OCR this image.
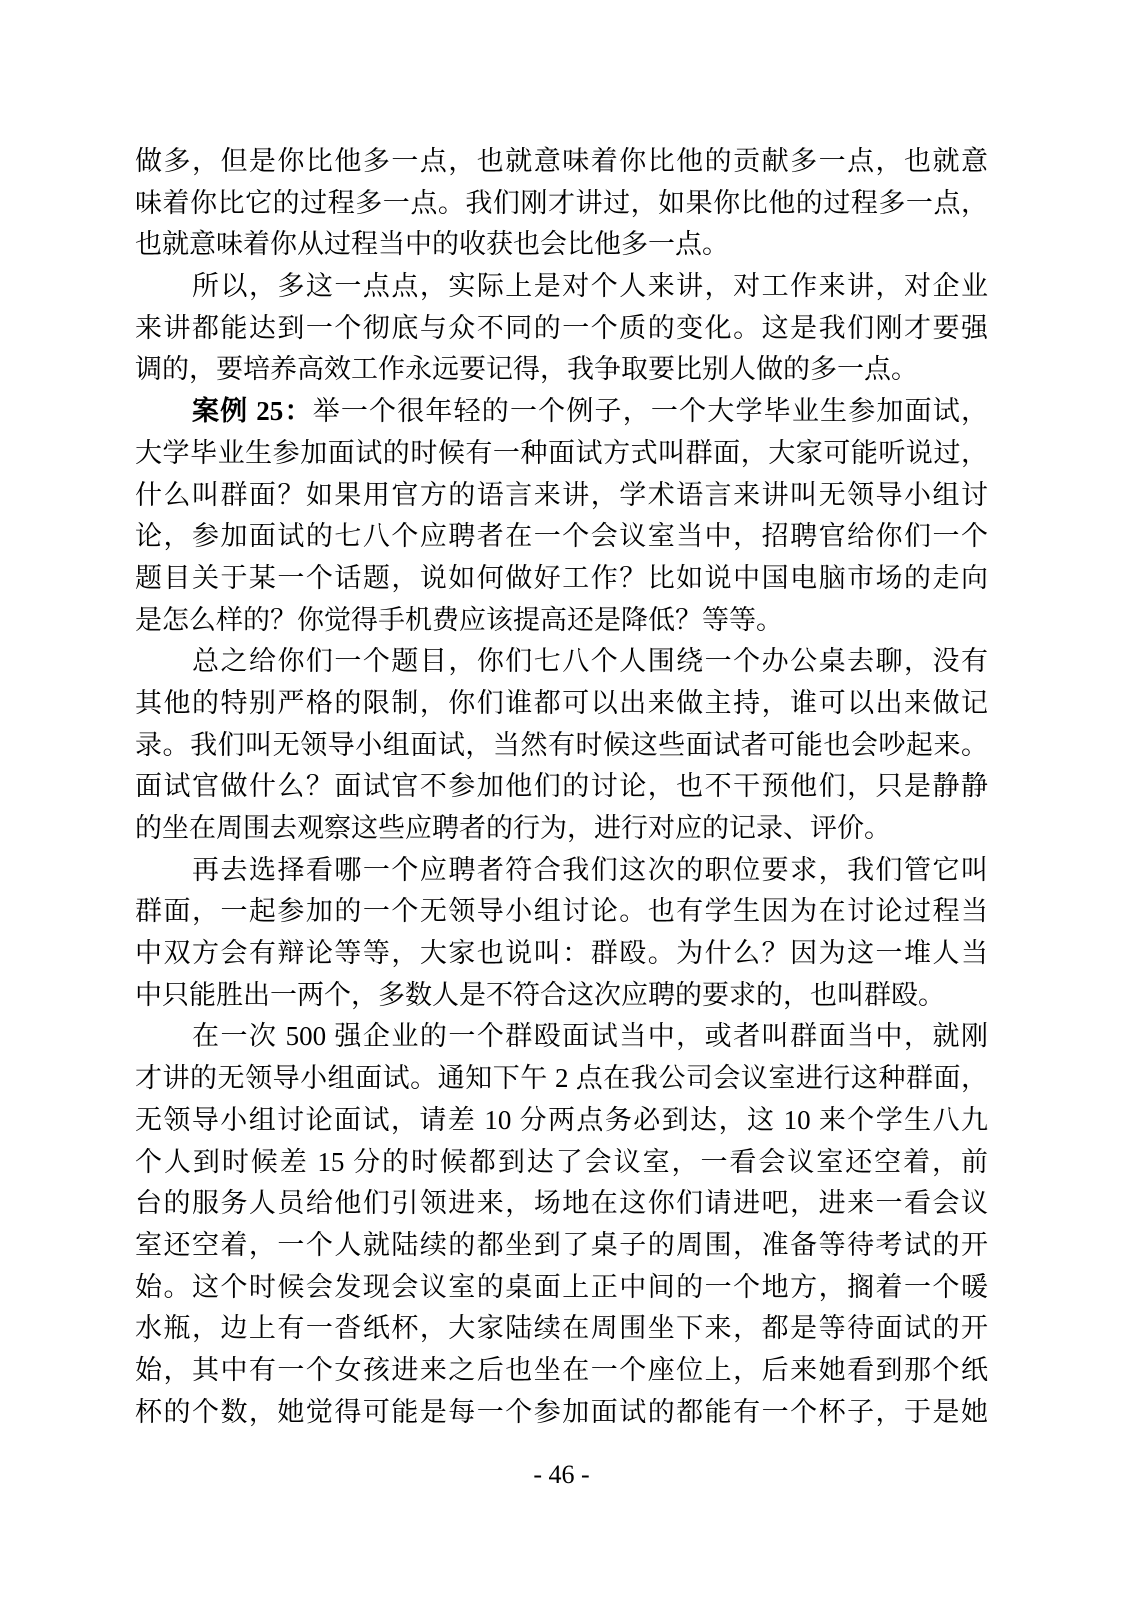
做多，但是你比他多一点，也就意味着你比他的贡献多一点，也就意
味着你比它的过程多一点。我们刚才讲过，如果你比他的过程多一点，
也就意味着你从过程当中的收获也会比他多一点。
所以，多这一点点，实际上是对个人来讲，对工作来讲，对企业
来讲都能达到一个彻底与众不同的一个质的变化。这是我们刚才要强
调的，要培养高效工作永远要记得，我争取要比别人做的多一点。
案例 25：举一个很年轻的一个例子，一个大学毕业生参加面试，
大学毕业生参加面试的时候有一种面试方式叫群面，大家可能听说过，
什么叫群面？如果用官方的语言来讲，学术语言来讲叫无领导小组讨
论，参加面试的七八个应聘者在一个会议室当中，招聘官给你们一个
题目关于某一个话题，说如何做好工作？比如说中国电脑市场的走向
是怎么样的？你觉得手机费应该提高还是降低？等等。
总之给你们一个题目，你们七八个人围绕一个办公桌去聊，没有
其他的特别严格的限制，你们谁都可以出来做主持，谁可以出来做记
录。我们叫无领导小组面试，当然有时候这些面试者可能也会吵起来。
面试官做什么？面试官不参加他们的讨论，也不干预他们，只是静静
的坐在周围去观察这些应聘者的行为，进行对应的记录、评价。
再去选择看哪一个应聘者符合我们这次的职位要求，我们管它叫
群面，一起参加的一个无领导小组讨论。也有学生因为在讨论过程当
中双方会有辩论等等，大家也说叫：群殴。为什么？因为这一堆人当
中只能胜出一两个，多数人是不符合这次应聘的要求的，也叫群殴。
在一次 500 强企业的一个群殴面试当中，或者叫群面当中，就刚
才讲的无领导小组面试。通知下午 2 点在我公司会议室进行这种群面，
无领导小组讨论面试，请差 10 分两点务必到达，这 10 来个学生八九
个人到时候差 15 分的时候都到达了会议室，一看会议室还空着，前
台的服务人员给他们引领进来，场地在这你们请进吧，进来一看会议
室还空着，一个人就陆续的都坐到了桌子的周围，准备等待考试的开
始。这个时候会发现会议室的桌面上正中间的一个地方，搁着一个暖
水瓶，边上有一沓纸杯，大家陆续在周围坐下来，都是等待面试的开
始，其中有一个女孩进来之后也坐在一个座位上，后来她看到那个纸
杯的个数，她觉得可能是每一个参加面试的都能有一个杯子，于是她
- 46 -
